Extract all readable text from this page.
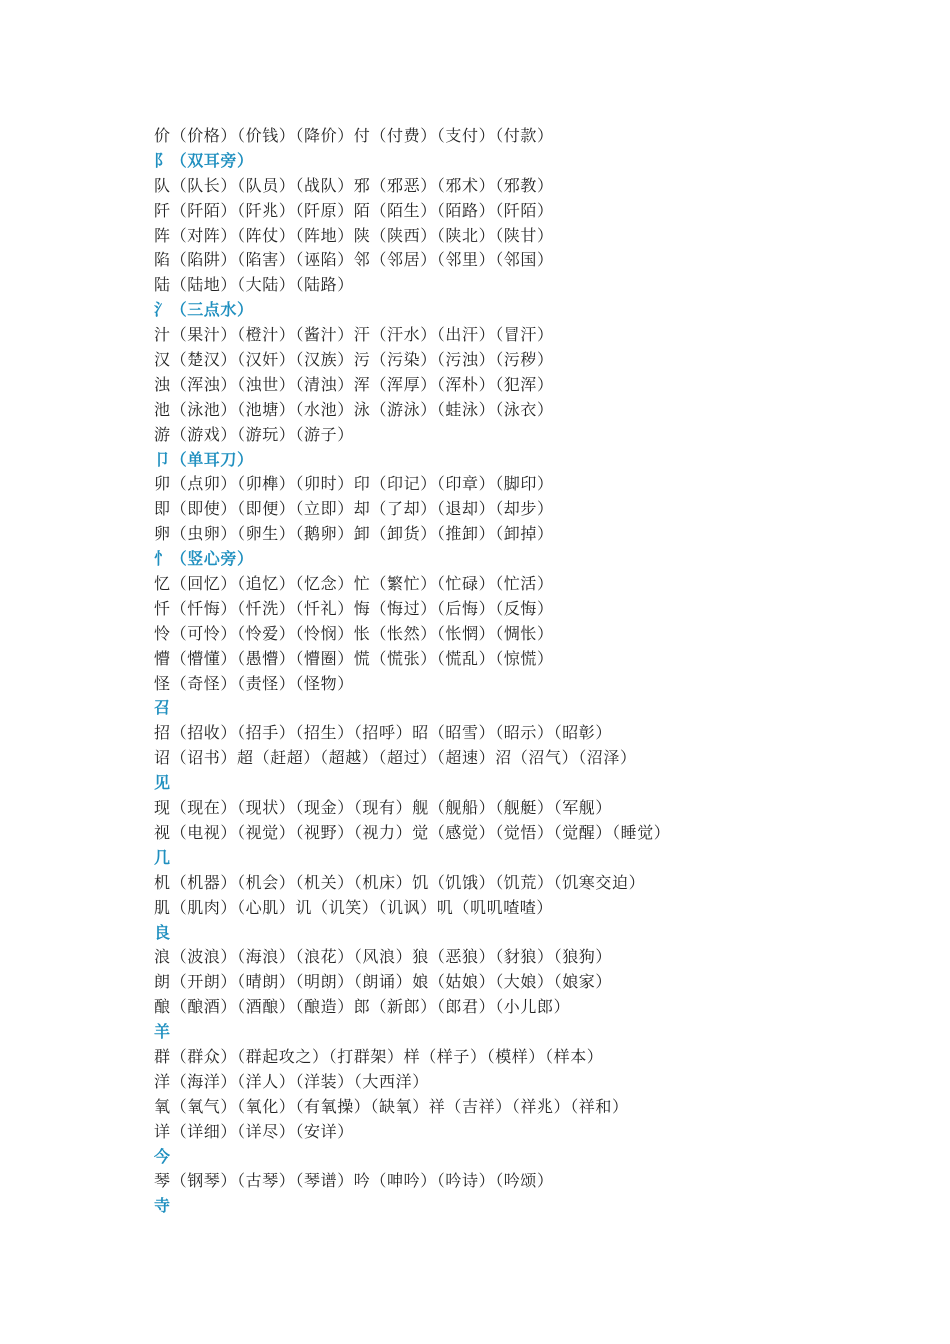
价（价格）（价钱）（降价）付（付费）（支付）（付款）
阝（双耳旁）
队（队长）（队员）（战队）邪（邪恶）（邪术）（邪教）
阡（阡陌）（阡兆）（阡原）陌（陌生）（陌路）（阡陌）
阵（对阵）（阵仗）（阵地）陕（陕西）（陕北）（陕甘）
陷（陷阱）（陷害）（诬陷）邻（邻居）（邻里）（邻国）
陆（陆地）（大陆）（陆路）
氵（三点水）
汁（果汁）（橙汁）（酱汁）汗（汗水）（出汗）（冒汗）
汉（楚汉）（汉奸）（汉族）污（污染）（污浊）（污秽）
浊（浑浊）（浊世）（清浊）浑（浑厚）（浑朴）（犯浑）
池（泳池）（池塘）（水池）泳（游泳）（蛙泳）（泳衣）
游（游戏）（游玩）（游子）
卩（单耳刀）
卯（点卯）（卯榫）（卯时）印（印记）（印章）（脚印）
即（即使）（即便）（立即）却（了却）（退却）（却步）
卵（虫卵）（卵生）（鹅卵）卸（卸货）（推卸）（卸掉）
忄（竖心旁）
忆（回忆）（追忆）（忆念）忙（繁忙）（忙碌）（忙活）
忏（忏悔）（忏洗）（忏礼）悔（悔过）（后悔）（反悔）
怜（可怜）（怜爱）（怜悯）怅（怅然）（怅惘）（惆怅）
懵（懵懂）（愚懵）（懵圈）慌（慌张）（慌乱）（惊慌）
怪（奇怪）（责怪）（怪物）
召
招（招收）（招手）（招生）（招呼）昭（昭雪）（昭示）（昭彰）
诏（诏书）超（赶超）（超越）（超过）（超速）沼（沼气）（沼泽）
见
现（现在）（现状）（现金）（现有）舰（舰船）（舰艇）（军舰）
视（电视）（视觉）（视野）（视力）觉（感觉）（觉悟）（觉醒）（睡觉）
几
机（机器）（机会）（机关）（机床）饥（饥饿）（饥荒）（饥寒交迫）
肌（肌肉）（心肌）讥（讥笑）（讥讽）叽（叽叽喳喳）
良
浪（波浪）（海浪）（浪花）（风浪）狼（恶狼）（豺狼）（狼狗）
朗（开朗）（晴朗）（明朗）（朗诵）娘（姑娘）（大娘）（娘家）
酿（酿酒）（酒酿）（酿造）郎（新郎）（郎君）（小儿郎）
羊
群（群众）（群起攻之）（打群架）样（样子）（模样）（样本）
洋（海洋）（洋人）（洋装）（大西洋）
氧（氧气）（氧化）（有氧操）（缺氧）祥（吉祥）（祥兆）（祥和）
详（详细）（详尽）（安详）
今
琴（钢琴）（古琴）（琴谱）吟（呻吟）（吟诗）（吟颂）
寺
